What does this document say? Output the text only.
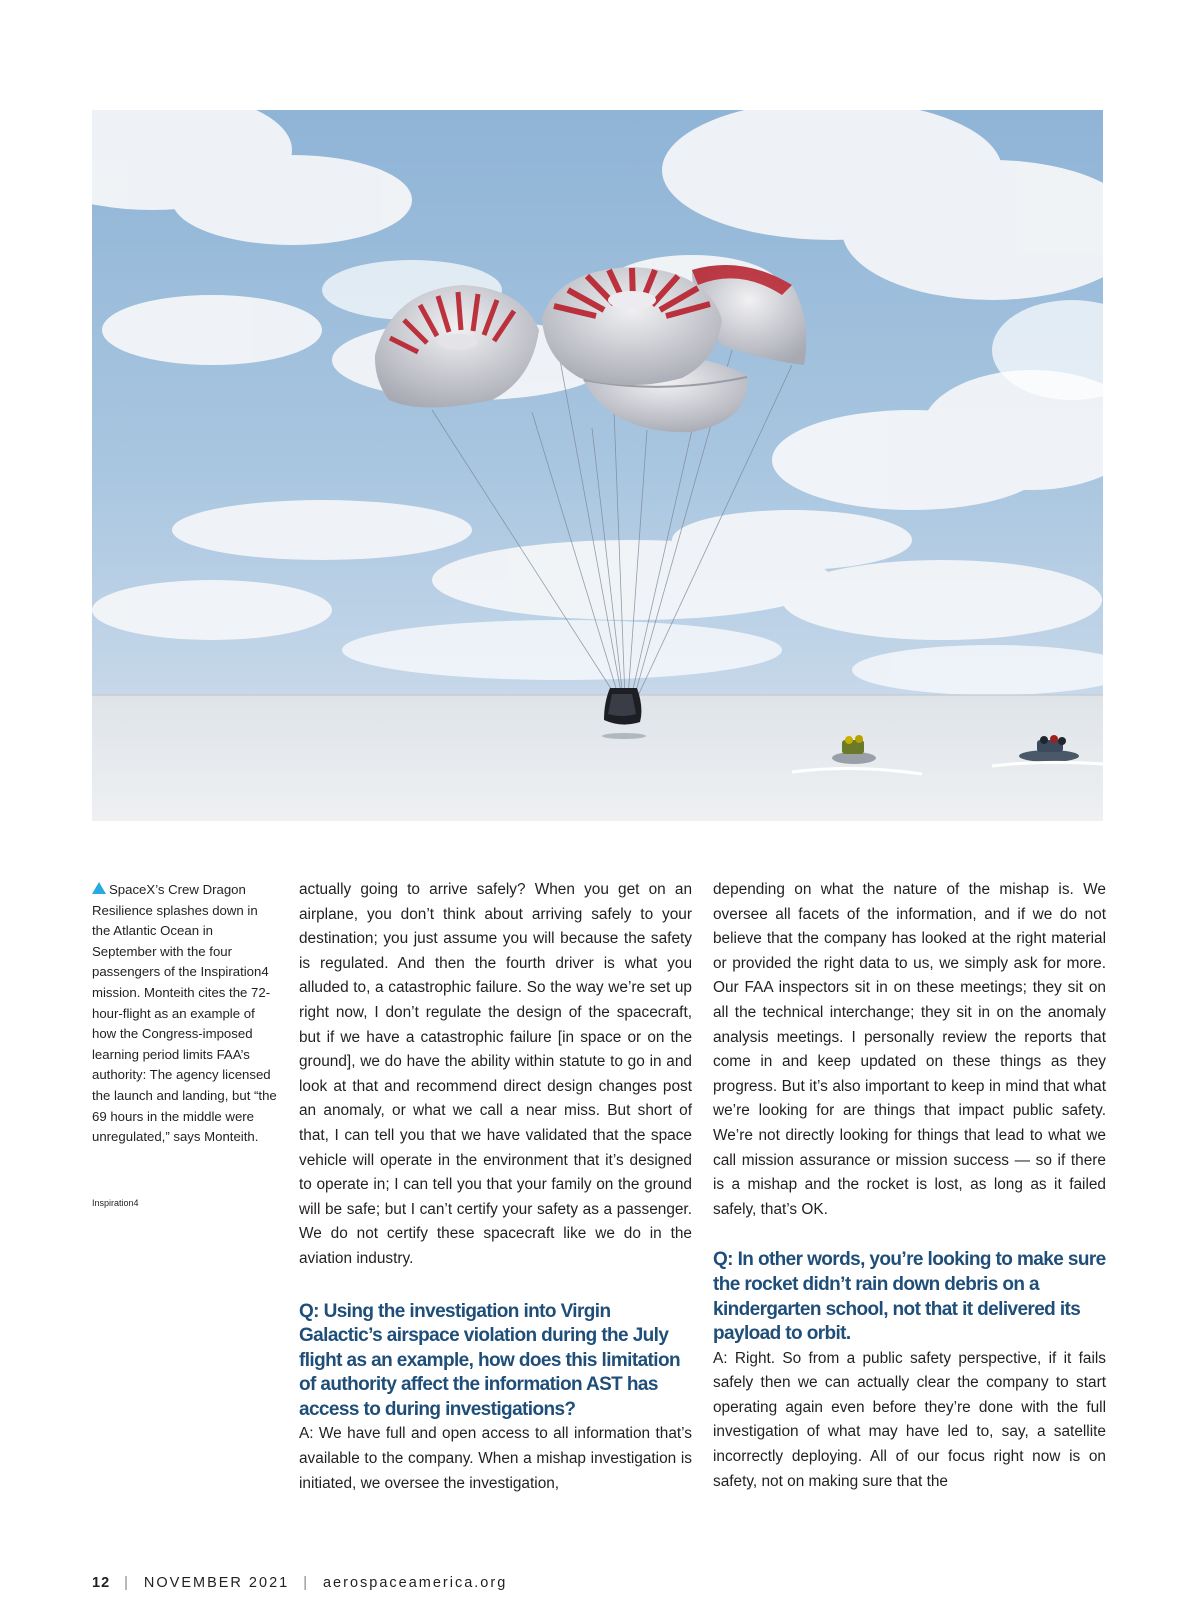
SpaceX’s Crew Dragon Resilience splashes down in the Atlantic Ocean in September with the four passengers of the Inspiration4 mission. Monteith cites the 72-hour-flight as an example of how the Congress-imposed learning period limits FAA’s authority: The agency licensed the launch and landing, but “the 69 hours in the middle were unregulated,” says Monteith.
Inspiration4

actually going to arrive safely? When you get on an airplane, you don’t think about arriving safely to your destination; you just assume you will because the safety is regulated. And then the fourth driver is what you alluded to, a catastrophic failure. So the way we’re set up right now, I don’t regulate the design of the spacecraft, but if we have a catastrophic failure [in space or on the ground], we do have the ability within statute to go in and look at that and recommend direct design changes post an anomaly, or what we call a near miss. But short of that, I can tell you that we have validated that the space vehicle will operate in the environment that it’s designed to operate in; I can tell you that your family on the ground will be safe; but I can’t certify your safety as a passenger. We do not certify these spacecraft like we do in the aviation industry.

Q: Using the investigation into Virgin Galactic’s airspace violation during the July flight as an example, how does this limitation of authority affect the information AST has access to during investigations?

A: We have full and open access to all information that’s available to the company. When a mishap investigation is initiated, we oversee the investigation,

depending on what the nature of the mishap is. We oversee all facets of the information, and if we do not believe that the company has looked at the right material or provided the right data to us, we simply ask for more. Our FAA inspectors sit in on these meetings; they sit on all the technical interchange; they sit in on the anomaly analysis meetings. I personally review the reports that come in and keep updated on these things as they progress. But it’s also important to keep in mind that what we’re looking for are things that impact public safety. We’re not directly looking for things that lead to what we call mission assurance or mission success — so if there is a mishap and the rocket is lost, as long as it failed safely, that’s OK.

Q: In other words, you’re looking to make sure the rocket didn’t rain down debris on a kindergarten school, not that it delivered its payload to orbit.

A: Right. So from a public safety perspective, if it fails safely then we can actually clear the company to start operating again even before they’re done with the full investigation of what may have led to, say, a satellite incorrectly deploying. All of our focus right now is on safety, not on making sure that the

12 | NOVEMBER 2021 | aerospaceamerica.org
